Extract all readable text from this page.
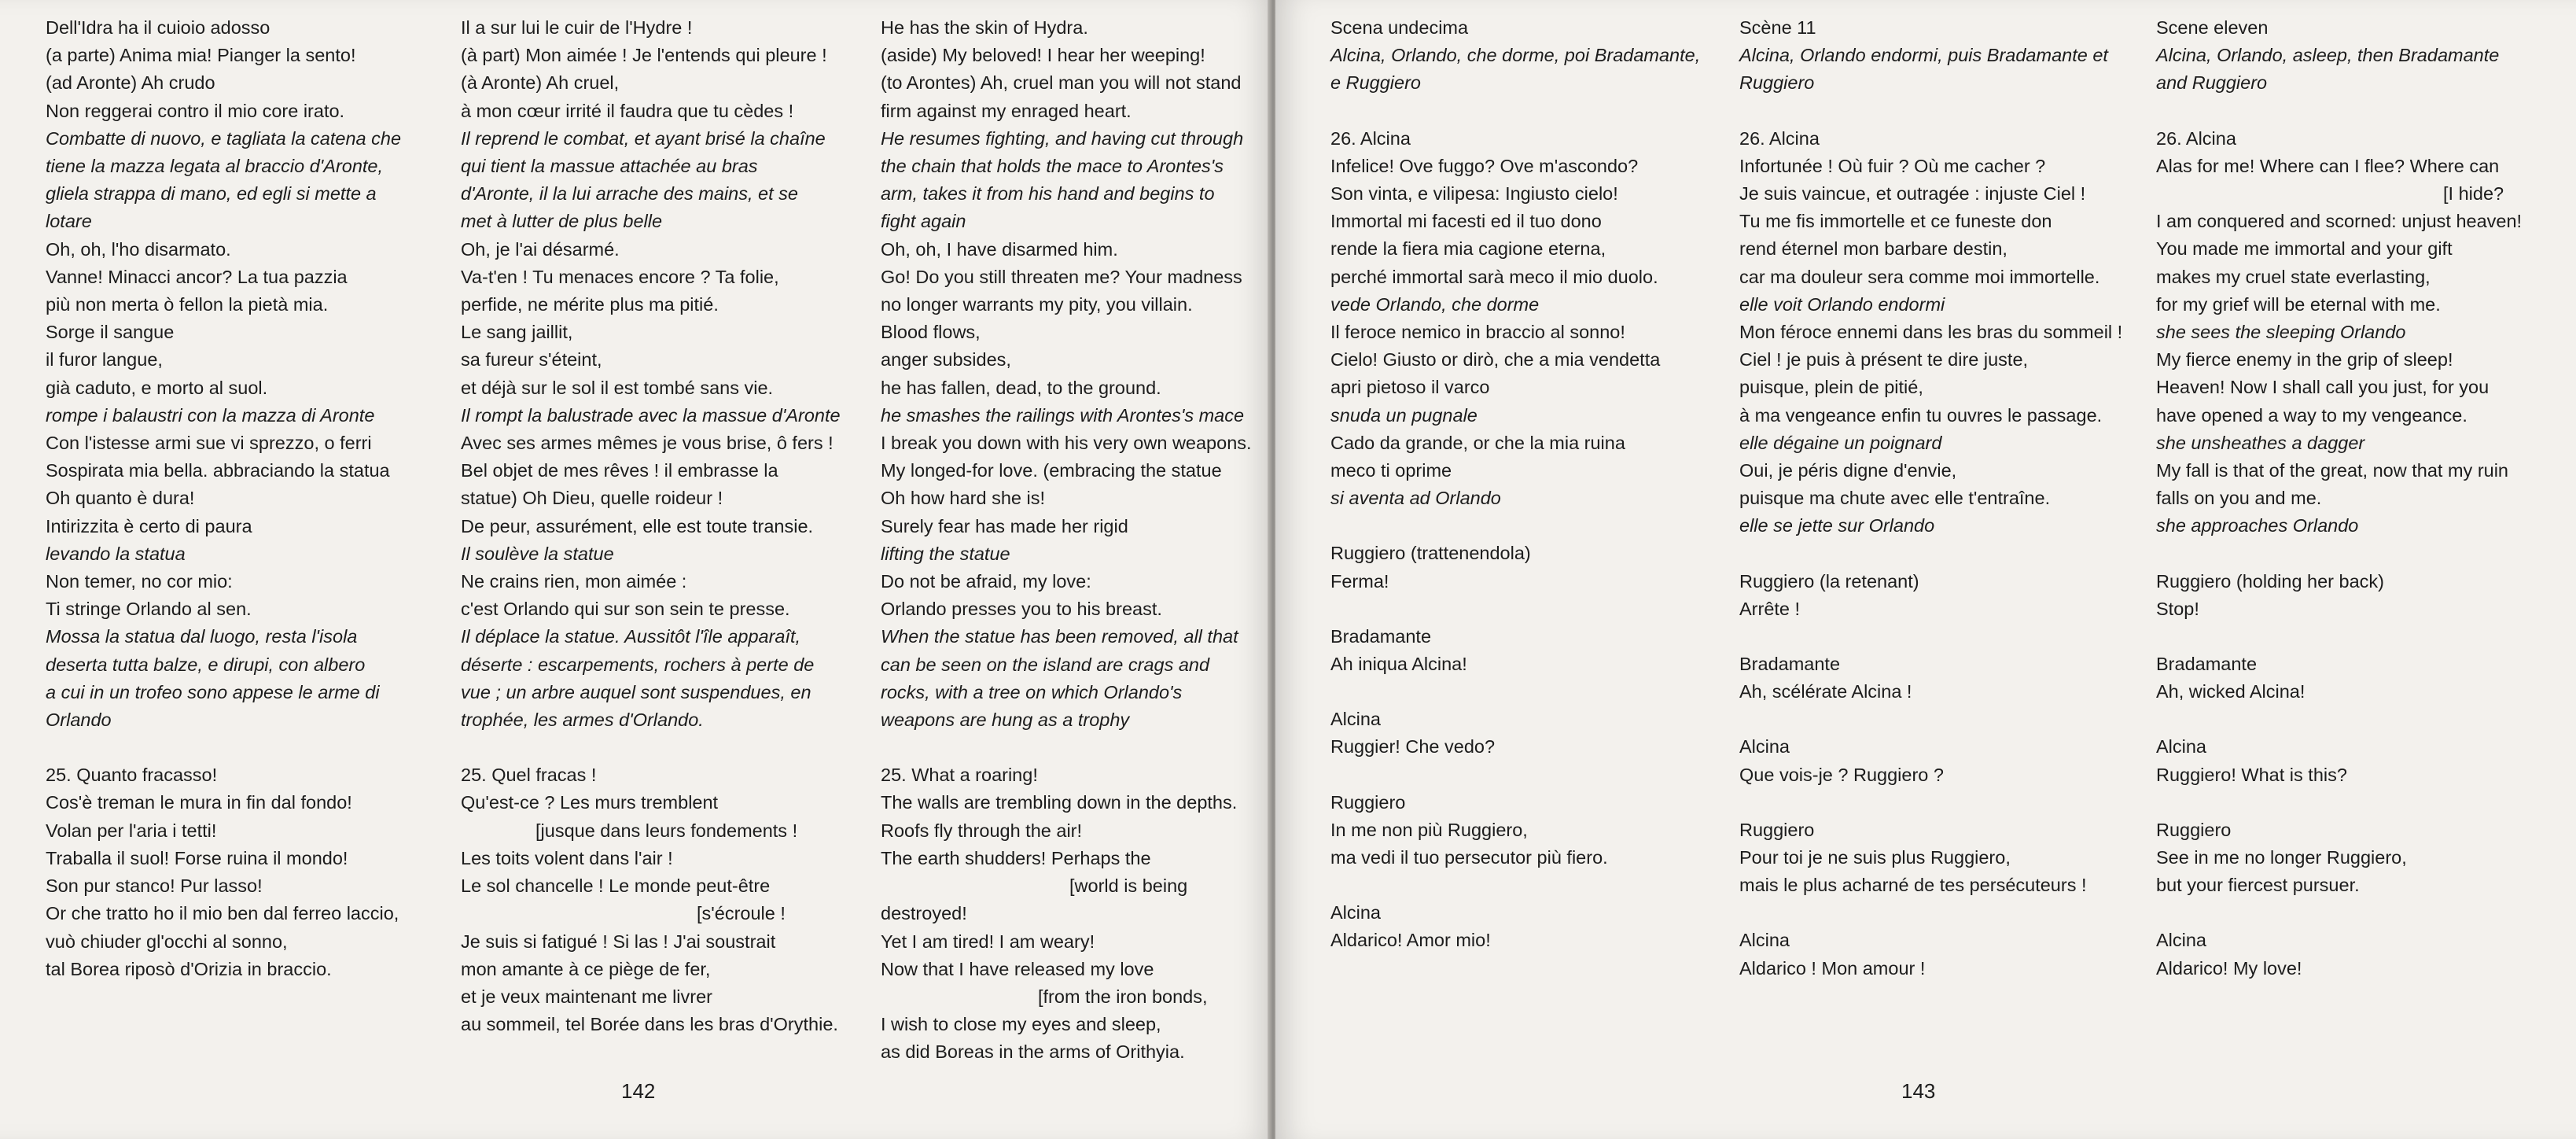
Dell'Idra ha il cuioio adosso

(a parte) Anima mia! Pianger la sento!

(ad Aronte) Ah crudo

Non reggerai contro il mio core irato.

Combatte di nuovo, e tagliata la catena che

tiene la mazza legata al braccio d'Aronte,

gliela strappa di mano, ed egli si mette a

lotare

Oh, oh, l'ho disarmato.

Vanne! Minacci ancor? La tua pazzia

più non merta ò fellon la pietà mia.

Sorge il sangue

il furor langue,

già caduto, e morto al suol.

rompe i balaustri con la mazza di Aronte

Con l'istesse armi sue vi sprezzo, o ferri

Sospirata mia bella. abbraciando la statua

Oh quanto è dura!

Intirizzita è certo di paura

levando la statua

Non temer, no cor mio:

Ti stringe Orlando al sen.

Mossa la statua dal luogo, resta l'isola

deserta tutta balze, e dirupi, con albero

a cui in un trofeo sono appese le arme di

Orlando

25. Quanto fracasso!

Cos'è treman le mura in fin dal fondo!

Volan per l'aria i tetti!

Traballa il suol! Forse ruina il mondo!

Son pur stanco! Pur lasso!

Or che tratto ho il mio ben dal ferreo laccio,

vuò chiuder gl'occhi al sonno,

tal Borea riposò d'Orizia in braccio.

Il a sur lui le cuir de l'Hydre !

(à part) Mon aimée ! Je l'entends qui pleure !

(à Aronte) Ah cruel,

à mon cœur irrité il faudra que tu cèdes !

Il reprend le combat, et ayant brisé la chaîne

qui tient la massue attachée au bras

d'Aronte, il la lui arrache des mains, et se

met à lutter de plus belle

Oh, je l'ai désarmé.

Va-t'en ! Tu menaces encore ? Ta folie,

perfide, ne mérite plus ma pitié.

Le sang jaillit,

sa fureur s'éteint,

et déjà sur le sol il est tombé sans vie.

Il rompt la balustrade avec la massue d'Aronte

Avec ses armes mêmes je vous brise, ô fers !

Bel objet de mes rêves ! il embrasse la

statue) Oh Dieu, quelle roideur !

De peur, assurément, elle est toute transie.

Il soulève la statue

Ne crains rien, mon aimée :

c'est Orlando qui sur son sein te presse.

Il déplace la statue. Aussitôt l'île apparaît,

déserte : escarpements, rochers à perte de

vue ; un arbre auquel sont suspendues, en

trophée, les armes d'Orlando.

25. Quel fracas !

Qu'est-ce ? Les murs tremblent

[jusque dans leurs fondements !

Les toits volent dans l'air !

Le sol chancelle ! Le monde peut-être

[s'écroule !

Je suis si fatigué ! Si las ! J'ai soustrait

mon amante à ce piège de fer,

et je veux maintenant me livrer

au sommeil, tel Borée dans les bras d'Orythie.

He has the skin of Hydra.

(aside) My beloved! I hear her weeping!

(to Arontes) Ah, cruel man you will not stand

firm against my enraged heart.

He resumes fighting, and having cut through

the chain that holds the mace to Arontes's

arm, takes it from his hand and begins to

fight again

Oh, oh, I have disarmed him.

Go! Do you still threaten me? Your madness

no longer warrants my pity, you villain.

Blood flows,

anger subsides,

he has fallen, dead, to the ground.

he smashes the railings with Arontes's mace

I break you down with his very own weapons.

My longed-for love. (embracing the statue

Oh how hard she is!

Surely fear has made her rigid

lifting the statue

Do not be afraid, my love:

Orlando presses you to his breast.

When the statue has been removed, all that

can be seen on the island are crags and

rocks, with a tree on which Orlando's

weapons are hung as a trophy

25. What a roaring!

The walls are trembling down in the depths.

Roofs fly through the air!

The earth shudders! Perhaps the

[world is being

destroyed!

Yet I am tired! I am weary!

Now that I have released my love

[from the iron bonds,

I wish to close my eyes and sleep,

as did Boreas in the arms of Orithyia.

142

Scena undecima

Alcina, Orlando, che dorme, poi Bradamante,

e Ruggiero

26. Alcina

Infelice! Ove fuggo? Ove m'ascondo?

Son vinta, e vilipesa: Ingiusto cielo!

Immortal mi facesti ed il tuo dono

rende la fiera mia cagione eterna,

perché immortal sarà meco il mio duolo.

vede Orlando, che dorme

Il feroce nemico in braccio al sonno!

Cielo! Giusto or dirò, che a mia vendetta

apri pietoso il varco

snuda un pugnale

Cado da grande, or che la mia ruina

meco ti oprime

si aventa ad Orlando

Ruggiero (trattenendola)

Ferma!

Bradamante

Ah iniqua Alcina!

Alcina

Ruggier! Che vedo?

Ruggiero

In me non più Ruggiero,

ma vedi il tuo persecutor più fiero.

Alcina

Aldarico! Amor mio!

Scène 11

Alcina, Orlando endormi, puis Bradamante et

Ruggiero

26. Alcina

Infortunée ! Où fuir ? Où me cacher ?

Je suis vaincue, et outragée : injuste Ciel !

Tu me fis immortelle et ce funeste don

rend éternel mon barbare destin,

car ma douleur sera comme moi immortelle.

elle voit Orlando endormi

Mon féroce ennemi dans les bras du sommeil !

Ciel ! je puis à présent te dire juste,

puisque, plein de pitié,

à ma vengeance enfin tu ouvres le passage.

elle dégaine un poignard

Oui, je péris digne d'envie,

puisque ma chute avec elle t'entraîne.

elle se jette sur Orlando

Ruggiero (la retenant)

Arrête !

Bradamante

Ah, scélérate Alcina !

Alcina

Que vois-je ? Ruggiero ?

Ruggiero

Pour toi je ne suis plus Ruggiero,

mais le plus acharné de tes persécuteurs !

Alcina

Aldarico ! Mon amour !

Scene eleven

Alcina, Orlando, asleep, then Bradamante

and Ruggiero

26. Alcina

Alas for me! Where can I flee? Where can

[I hide?

I am conquered and scorned: unjust heaven!

You made me immortal and your gift

makes my cruel state everlasting,

for my grief will be eternal with me.

she sees the sleeping Orlando

My fierce enemy in the grip of sleep!

Heaven! Now I shall call you just, for you

have opened a way to my vengeance.

she unsheathes a dagger

My fall is that of the great, now that my ruin

falls on you and me.

she approaches Orlando

Ruggiero (holding her back)

Stop!

Bradamante

Ah, wicked Alcina!

Alcina

Ruggiero! What is this?

Ruggiero

See in me no longer Ruggiero,

but your fiercest pursuer.

Alcina

Aldarico! My love!

143
